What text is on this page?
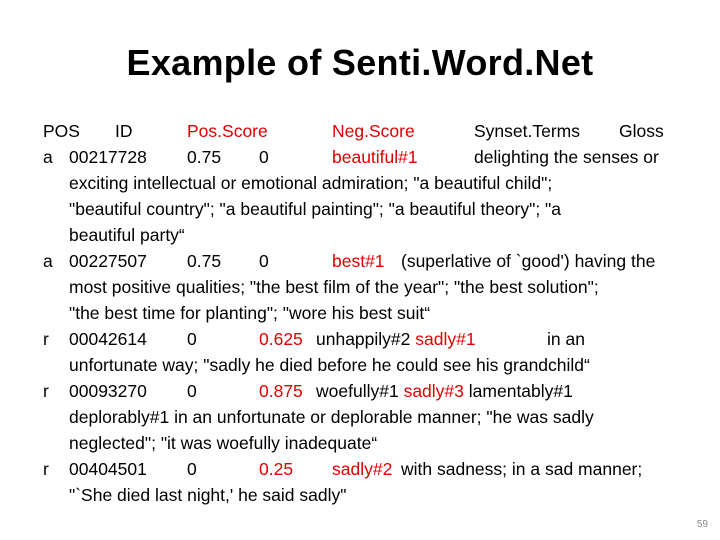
Example of Senti.Word.Net
POS ID	Pos.Score	Neg.Score	Synset.Terms Gloss
a 00217728 0.75 0	beautiful#1	delighting the senses or
exciting intellectual or emotional admiration; "a beautiful child";
"beautiful country"; "a beautiful painting"; "a beautiful theory"; "a
beautiful party“
a 00227507 0.75 0	best#1 (superlative of `good') having the
most positive qualities; "the best film of the year"; "the best solution";
"the best time for planting"; "wore his best suit“
r 00042614 0	0.625 unhappily#2 sadly#1	in an
unfortunate way; "sadly he died before he could see his grandchild“
r 00093270 0	0.875 woefully#1 sadly#3 lamentably#1
deplorably#1 in an unfortunate or deplorable manner; "he was sadly
neglected"; "it was woefully inadequate“
r 00404501 0	0.25 sadly#2 with sadness; in a sad manner;
"`She died last night,' he said sadly"
59
